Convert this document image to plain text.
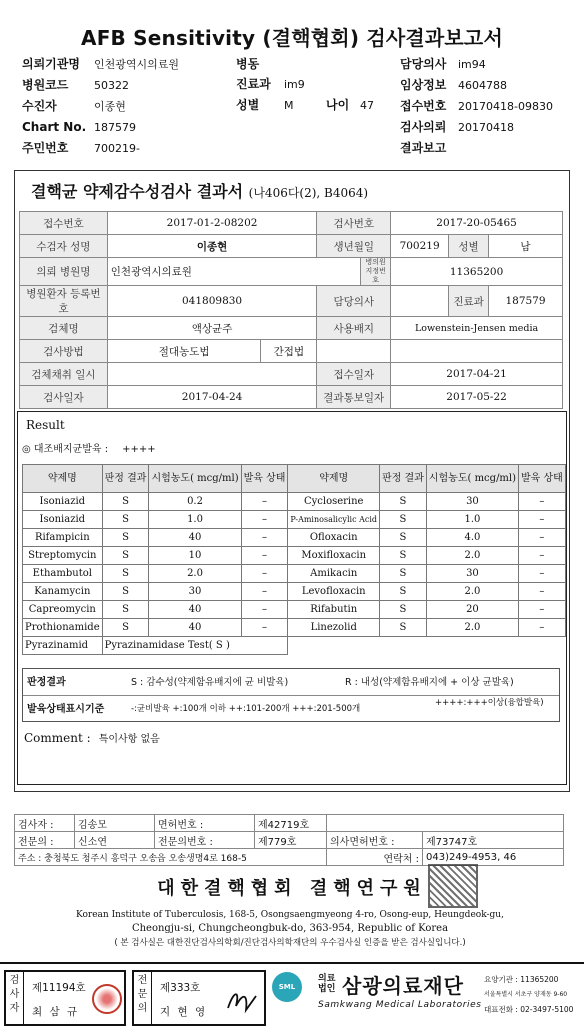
AFB Sensitivity (결핵협회) 검사결과보고서
의뢰기관명 인천광역시의료원
병원코드 50322
수진자	이종현
Chart No. 187579
주민번호 700219-
병동
진료과 im9
성별 M	나이 47
담당의사 im94
임상정보 4604788
접수번호 20170418-09830
검사의뢰 20170418
결과보고
결핵균 약제감수성검사 결과서 (나406다(2), B4064)
접수번호	2017-01-2-08202		검사번호		2017-20-05465		
수검자 성명	이종현		생년월일		700219	성별	남
의뢰 병원명	인천광역시의료원			병의원 지정번호	11365200		
병원환자 등록번호	041809830		담당의사			진료과	187579
검체명	액상균주		사용배지		Lowenstein-Jensen media		
검사방법	절대농도법	간접법					
검체채취 일시			접수일자		2017-04-21		
검사일자	2017-04-24		결과통보일자		2017-05-22		
Result
◎ 대조배지균발육 : ++++
약제명	판정 결과	시험농도( mcg/ml)	발육 상태	약제명	판정 결과	시험농도( mcg/ml)	발육 상태
Isoniazid	S	0.2	–	Cycloserine	S	30	–
Isoniazid	S	1.0	–	P-Aminosalicylic Acid	S	1.0	–
Rifampicin	S	40	–	Ofloxacin	S	4.0	–
Streptomycin	S	10	–	Moxifloxacin	S	2.0	–
Ethambutol	S	2.0	–	Amikacin	S	30	–
Kanamycin	S	30	–	Levofloxacin	S	2.0	–
Capreomycin	S	40	–	Rifabutin	S	20	–
Prothionamide	S	40	–	Linezolid	S	2.0	–
Pyrazinamid	Pyrazinamidase Test( S )						
판정결과	S : 감수성(약제함유배지에 균 비발육)	R : 내성(약제함유배지에 + 이상 균발육)
발육상태표시기준	-:균비발육 +:100개 이하 ++:101-200개 +++:201-500개
++++:+++이상(융합발육)
Comment : 특이사항 없음
검사자 :	김송모	면허번호 :	제42719호		
전문의 :	신소연	전문의번호 :	제779호	의사면허번호 :	제73747호
주소 : 충청북도 청주시 흥덕구 오송읍 오송생명4로 168-5				연락처 :	043)249-4953, 46
대한결핵협회 결핵연구원
Korean Institute of Tuberculosis, 168-5, Osongsaengmyeong 4-ro, Osong-eup, Heungdeok-gu,
Cheongju-si, Chungcheongbuk-do, 363-954, Republic of Korea
( 본 검사실은 대한진단검사의학회/진단검사의학재단의 우수검사실 인증을 받은 검사실입니다.)
검사자
제11194호
최 삼 규
전문의
제333호
지 현 영
SML
의료법인 삼광의료재단
Samkwang Medical Laboratories
요양기관 : 11365200
서울특별시 서초구 양재동 9-60
대표전화 : 02-3497-5100
